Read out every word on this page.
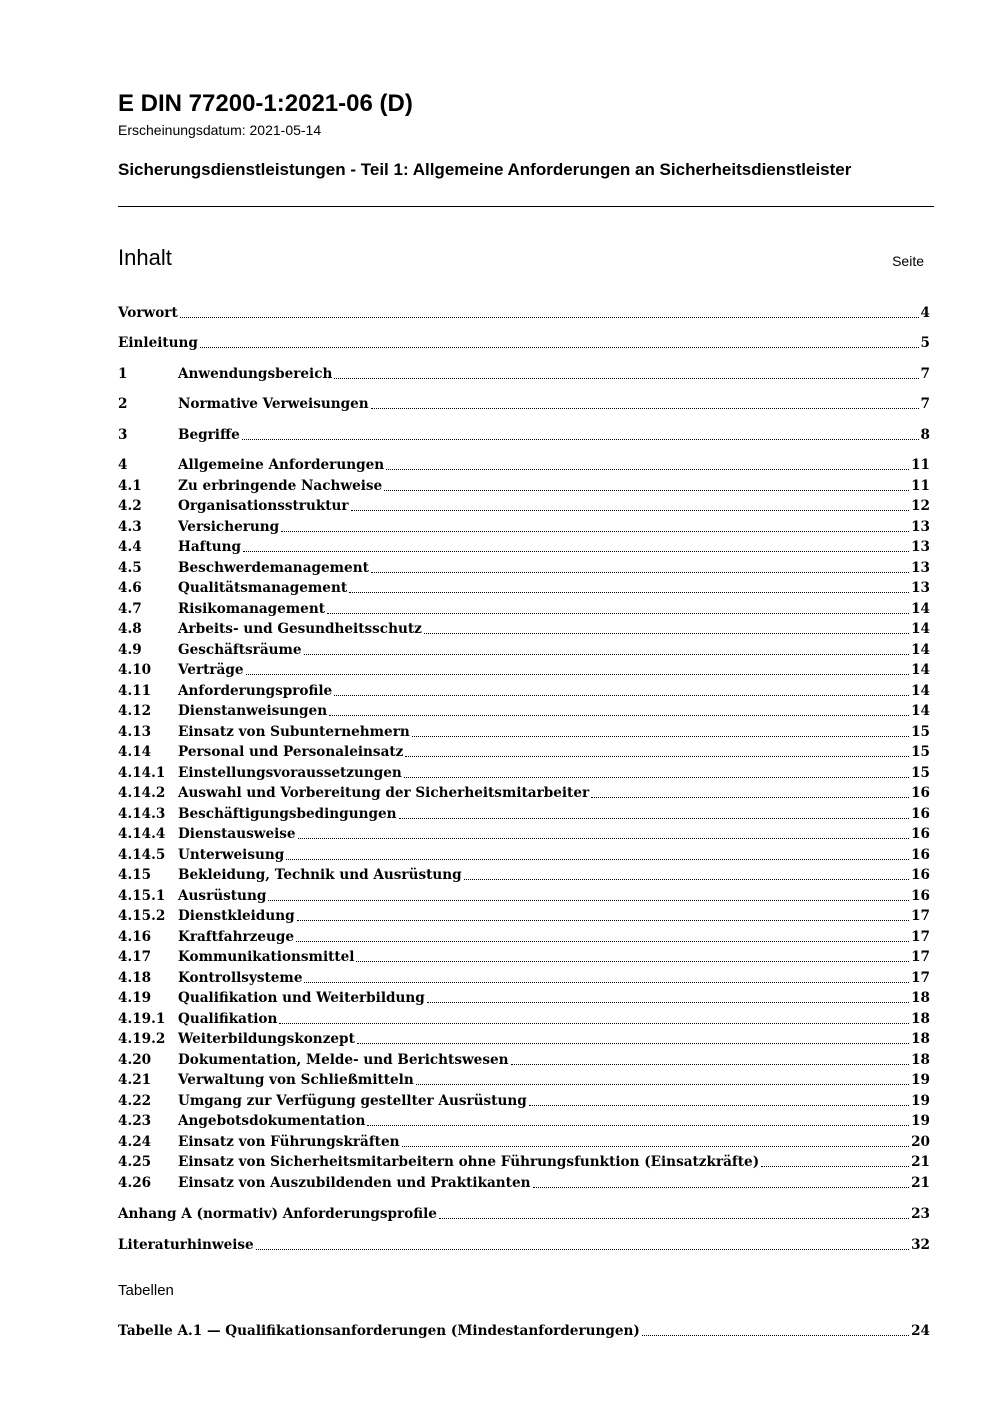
E DIN 77200-1:2021-06 (D)
Erscheinungsdatum: 2021-05-14
Sicherungsdienstleistungen - Teil 1: Allgemeine Anforderungen an Sicherheitsdienstleister
Inhalt	Seite
Vorwort	4
Einleitung	5
1	Anwendungsbereich	7
2	Normative Verweisungen	7
3	Begriffe	8
4	Allgemeine Anforderungen	11
4.1	Zu erbringende Nachweise	11
4.2	Organisationsstruktur	12
4.3	Versicherung	13
4.4	Haftung	13
4.5	Beschwerdemanagement	13
4.6	Qualitätsmanagement	13
4.7	Risikomanagement	14
4.8	Arbeits- und Gesundheitsschutz	14
4.9	Geschäftsräume	14
4.10	Verträge	14
4.11	Anforderungsprofile	14
4.12	Dienstanweisungen	14
4.13	Einsatz von Subunternehmern	15
4.14	Personal und Personaleinsatz	15
4.14.1 Einstellungsvoraussetzungen	15
4.14.2 Auswahl und Vorbereitung der Sicherheitsmitarbeiter	16
4.14.3 Beschäftigungsbedingungen	16
4.14.4 Dienstausweise	16
4.14.5 Unterweisung	16
4.15	Bekleidung, Technik und Ausrüstung	16
4.15.1 Ausrüstung	16
4.15.2 Dienstkleidung	17
4.16	Kraftfahrzeuge	17
4.17	Kommunikationsmittel	17
4.18	Kontrollsysteme	17
4.19	Qualifikation und Weiterbildung	18
4.19.1 Qualifikation	18
4.19.2 Weiterbildungskonzept	18
4.20	Dokumentation, Melde- und Berichtswesen	18
4.21	Verwaltung von Schließmitteln	19
4.22	Umgang zur Verfügung gestellter Ausrüstung	19
4.23	Angebotsdokumentation	19
4.24	Einsatz von Führungskräften	20
4.25	Einsatz von Sicherheitsmitarbeitern ohne Führungsfunktion (Einsatzkräfte)	21
4.26	Einsatz von Auszubildenden und Praktikanten	21
Anhang A (normativ) Anforderungsprofile	23
Literaturhinweise	32
Tabellen
Tabelle A.1 — Qualifikationsanforderungen (Mindestanforderungen)	24
